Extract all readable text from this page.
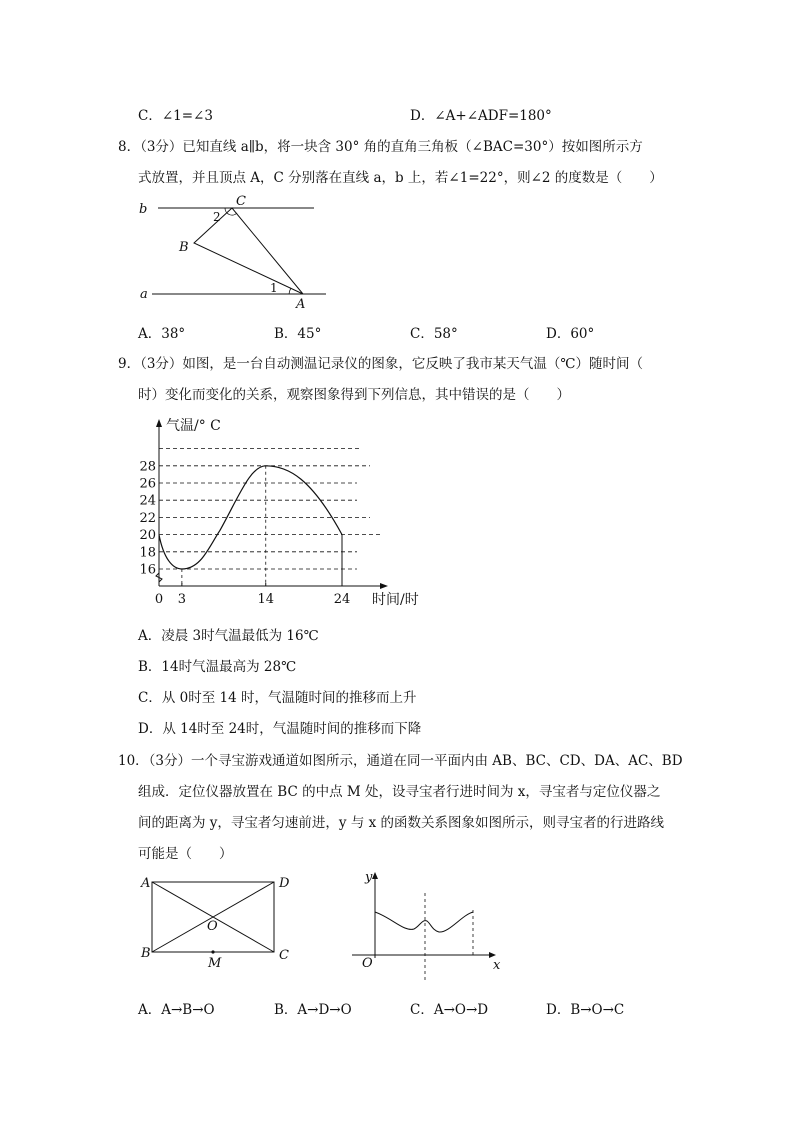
C．∠1=∠3	D．∠A+∠ADF=180°
8．（3分）已知直线 a∥b，将一块含 30° 角的直角三角板（∠BAC=30°）按如图所示方
式放置，并且顶点 A，C 分别落在直线 a，b 上，若∠1=22°，则∠2 的度数是（　　）
b
a
C
B
A
2
1
A．38°	B．45°	C．58°	D．60°
9．（3分）如图，是一台自动测温记录仪的图象，它反映了我市某天气温（℃）随时间（
时）变化而变化的关系，观察图象得到下列信息，其中错误的是（　　）
16
18
20
22
24
26
28
0 3	14	24
气温/° C
时间/时
A．凌晨 3时气温最低为 16℃
B．14时气温最高为 28℃
C．从 0时至 14 时，气温随时间的推移而上升
D．从 14时至 24时，气温随时间的推移而下降
10．（3分）一个寻宝游戏通道如图所示，通道在同一平面内由 AB、BC、CD、DA、AC、BD
组成．定位仪器放置在 BC 的中点 M 处，设寻宝者行进时间为 x，寻宝者与定位仪器之
间的距离为 y，寻宝者匀速前进，y 与 x 的函数关系图象如图所示，则寻宝者的行进路线
可能是（　　）
A	D
B	C
O
M
y
x
O
A．A→B→O	B．A→D→O	C．A→O→D	D．B→O→C
